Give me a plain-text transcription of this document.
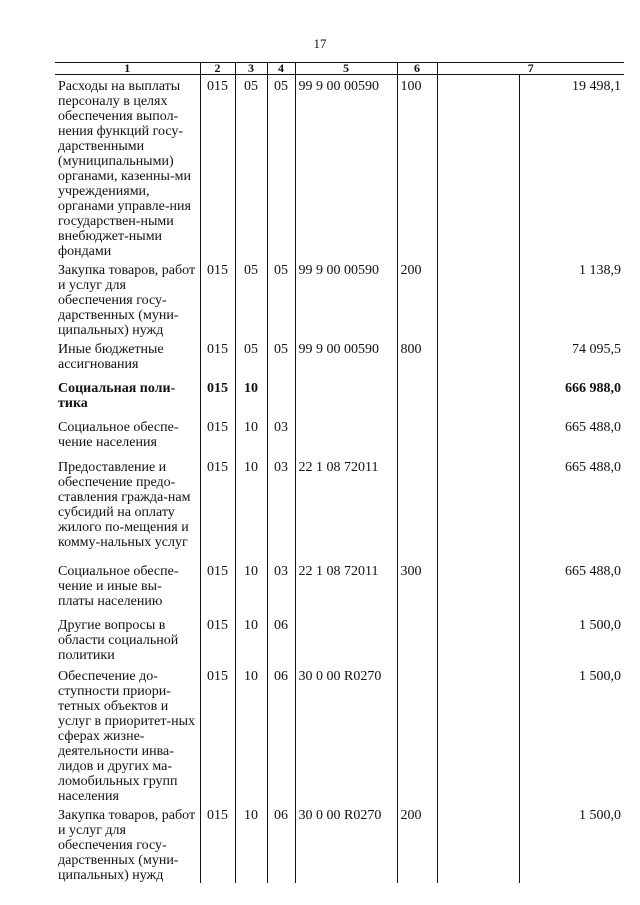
17
1	2	3	4	5	6	7	
Расходы на выплаты персоналу в целях обеспечения выпол-нения функций госу-дарственными (муниципальными) органами, казенны-ми учреждениями, органами управле-ния государствен-ными внебюджет-ными фондами	015	05	05	99 9 00 00590	100		19 498,1
Закупка товаров, работ и услуг для обеспечения госу-дарственных (муни-ципальных) нужд	015	05	05	99 9 00 00590	200		1 138,9
Иные бюджетные ассигнования	015	05	05	99 9 00 00590	800		74 095,5
Социальная поли-тика	015	10					666 988,0
Социальное обеспе-чение населения	015	10	03				665 488,0
Предоставление и обеспечение предо-ставления гражда-нам субсидий на оплату жилого по-мещения и комму-нальных услуг	015	10	03	22 1 08 72011			665 488,0
Социальное обеспе-чение и иные вы-платы населению	015	10	03	22 1 08 72011	300		665 488,0
Другие вопросы в области социальной политики	015	10	06				1 500,0
Обеспечение до-ступности приори-тетных объектов и услуг в приоритет-ных сферах жизне-деятельности инва-лидов и других ма-ломобильных групп населения	015	10	06	30 0 00 R0270			1 500,0
Закупка товаров, работ и услуг для обеспечения госу-дарственных (муни-ципальных) нужд	015	10	06	30 0 00 R0270	200		1 500,0
